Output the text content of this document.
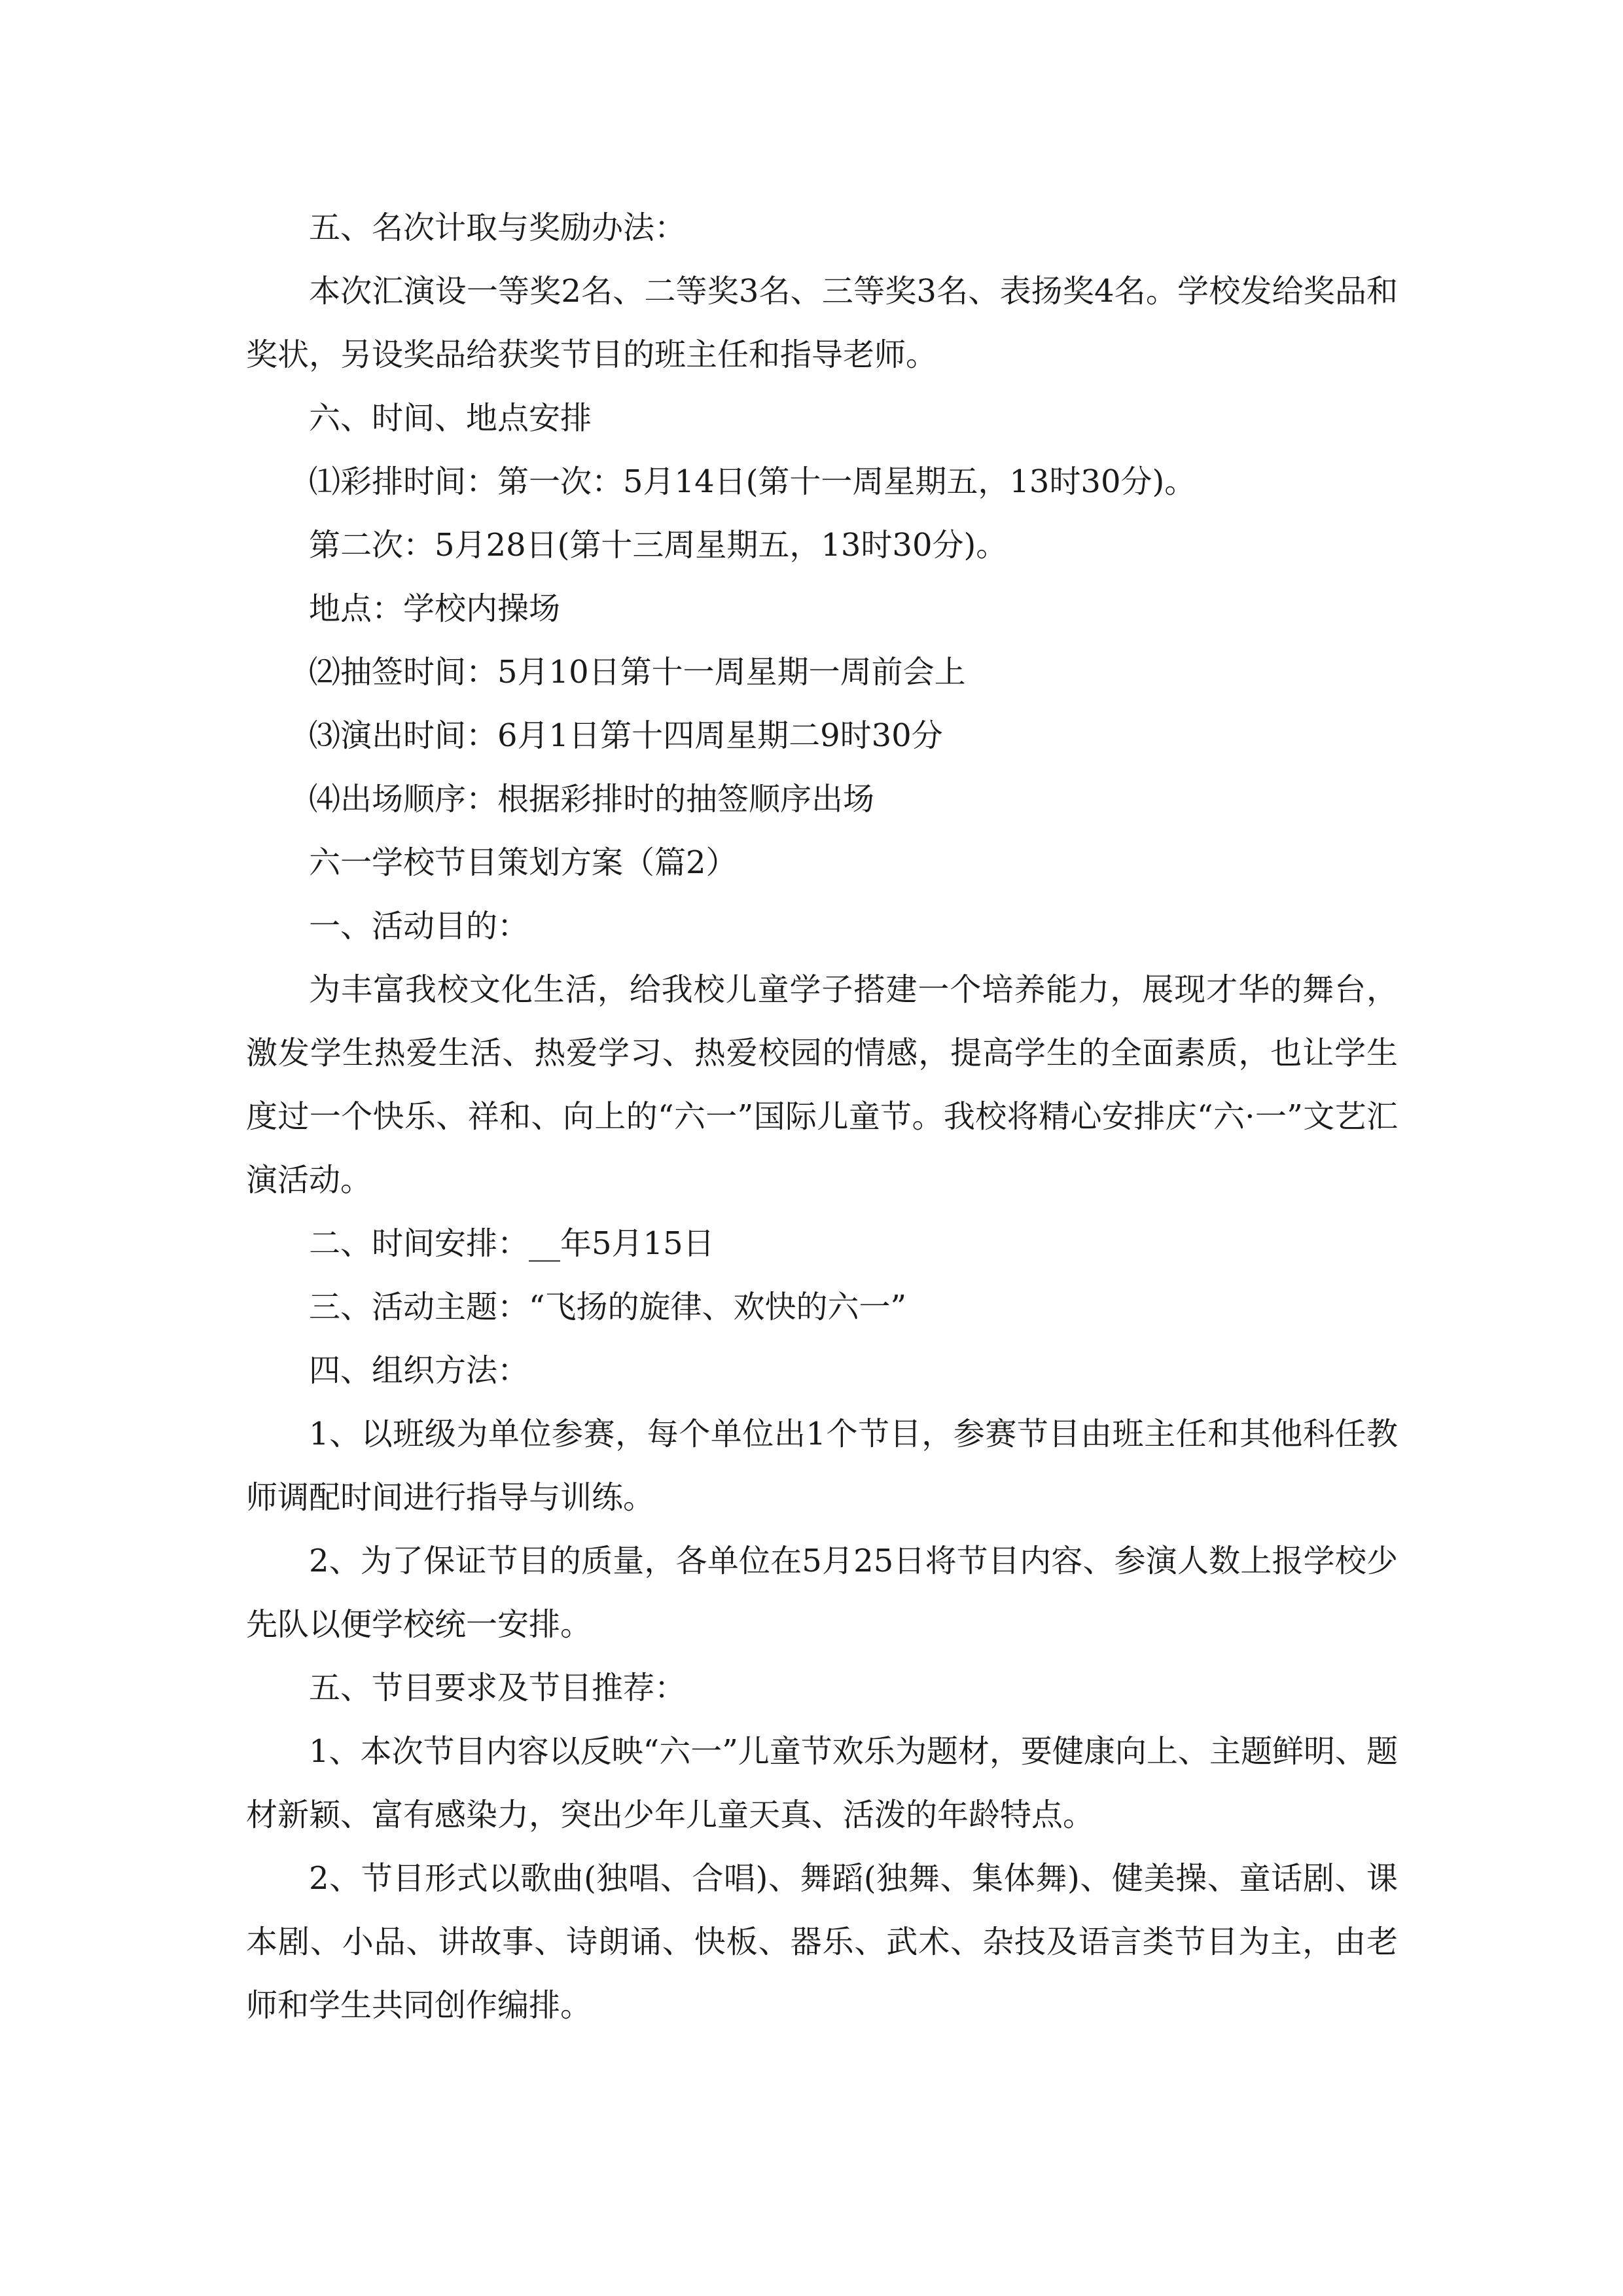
五、名次计取与奖励办法：

本次汇演设一等奖2名、二等奖3名、三等奖3名、表扬奖4名。学校发给奖品和奖状，另设奖品给获奖节目的班主任和指导老师。

六、时间、地点安排

⑴彩排时间：第一次：5月14日(第十一周星期五，13时30分)。

第二次：5月28日(第十三周星期五，13时30分)。

地点：学校内操场

⑵抽签时间：5月10日第十一周星期一周前会上

⑶演出时间：6月1日第十四周星期二9时30分

⑷出场顺序：根据彩排时的抽签顺序出场

六一学校节目策划方案（篇2）

一、活动目的：

为丰富我校文化生活，给我校儿童学子搭建一个培养能力，展现才华的舞台，激发学生热爱生活、热爱学习、热爱校园的情感，提高学生的全面素质，也让学生度过一个快乐、祥和、向上的“六一”国际儿童节。我校将精心安排庆“六·一”文艺汇演活动。

二、时间安排：__年5月15日

三、活动主题：“飞扬的旋律、欢快的六一”

四、组织方法：

1、以班级为单位参赛，每个单位出1个节目，参赛节目由班主任和其他科任教师调配时间进行指导与训练。

2、为了保证节目的质量，各单位在5月25日将节目内容、参演人数上报学校少先队以便学校统一安排。

五、节目要求及节目推荐：

1、本次节目内容以反映“六一”儿童节欢乐为题材，要健康向上、主题鲜明、题材新颖、富有感染力，突出少年儿童天真、活泼的年龄特点。

2、节目形式以歌曲(独唱、合唱)、舞蹈(独舞、集体舞)、健美操、童话剧、课本剧、小品、讲故事、诗朗诵、快板、器乐、武术、杂技及语言类节目为主，由老师和学生共同创作编排。
